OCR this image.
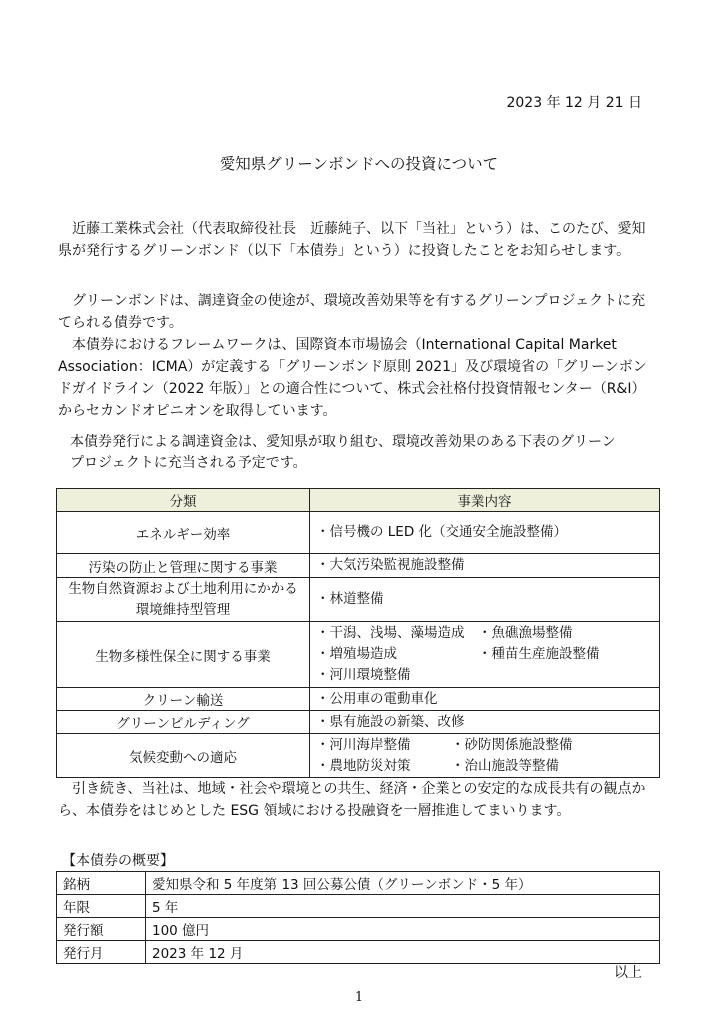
2023 年 12 月 21 日
愛知県グリーンボンドへの投資について

近藤工業株式会社（代表取締役社長　近藤純子、以下「当社」という）は、このたび、愛知県が発行するグリーンボンド（以下「本債券」という）に投資したことをお知らせします。

グリーンボンドは、調達資金の使途が、環境改善効果等を有するグリーンプロジェクトに充てられる債券です。
本債券におけるフレームワークは、国際資本市場協会（International Capital Market Association：ICMA）が定義する「グリーンボンド原則 2021」及び環境省の「グリーンボンドガイドライン（2022 年版）」との適合性について、株式会社格付投資情報センター（R&I）からセカンドオピニオンを取得しています。

本債券発行による調達資金は、愛知県が取り組む、環境改善効果のある下表のグリーン
プロジェクトに充当される予定です。

分類	事業内容
エネルギー効率	・信号機の LED 化（交通安全施設整備）
汚染の防止と管理に関する事業	・大気汚染監視施設整備
生物自然資源および土地利用にかかる
環境維持型管理	・林道整備
生物多様性保全に関する事業	・干潟、浅場、藻場造成　・魚礁漁場整備
・増殖場造成　　　　　　・種苗生産施設整備
・河川環境整備
クリーン輸送	・公用車の電動車化
グリーンビルディング	・県有施設の新築、改修
気候変動への適応	・河川海岸整備　　　・砂防関係施設整備
・農地防災対策　　　・治山施設等整備

引き続き、当社は、地域・社会や環境との共生、経済・企業との安定的な成長共有の観点から、本債券をはじめとした ESG 領域における投融資を一層推進してまいります。

【本債券の概要】
銘柄	愛知県令和 5 年度第 13 回公募公債（グリーンボンド・5 年）
年限	5 年
発行額	100 億円
発行月	2023 年 12 月
以上
1
